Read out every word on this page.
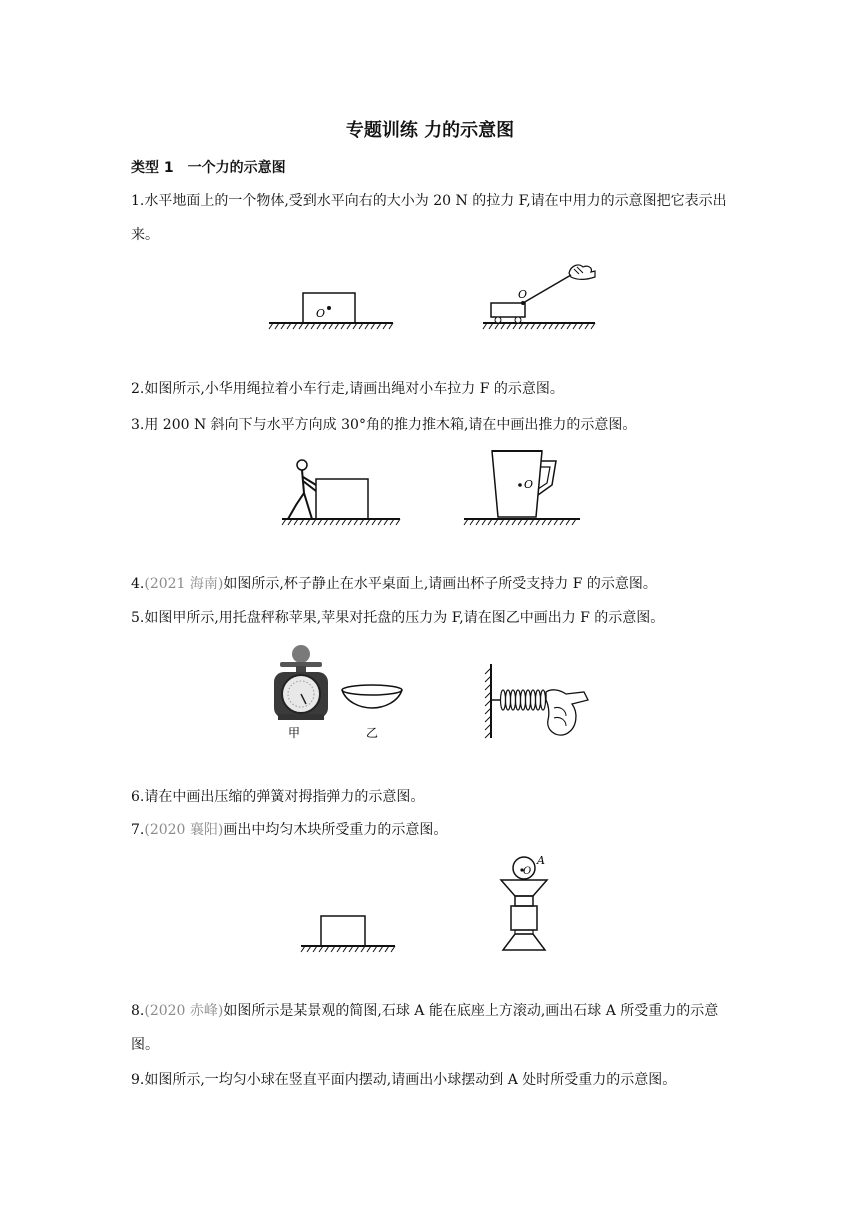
专题训练 力的示意图
类型 1　一个力的示意图
1.水平地面上的一个物体,受到水平向右的大小为 20 N 的拉力 F,请在中用力的示意图把它表示出来。
O
O
2.如图所示,小华用绳拉着小车行走,请画出绳对小车拉力 F 的示意图。
3.用 200 N 斜向下与水平方向成 30°角的推力推木箱,请在中画出推力的示意图。
O
4.(2021 海南)如图所示,杯子静止在水平桌面上,请画出杯子所受支持力 F 的示意图。
5.如图甲所示,用托盘秤称苹果,苹果对托盘的压力为 F,请在图乙中画出力 F 的示意图。
甲	乙
6.请在中画出压缩的弹簧对拇指弹力的示意图。
7.(2020 襄阳)画出中均匀木块所受重力的示意图。
O
A
8.(2020 赤峰)如图所示是某景观的简图,石球 A 能在底座上方滚动,画出石球 A 所受重力的示意图。
9.如图所示,一均匀小球在竖直平面内摆动,请画出小球摆动到 A 处时所受重力的示意图。
